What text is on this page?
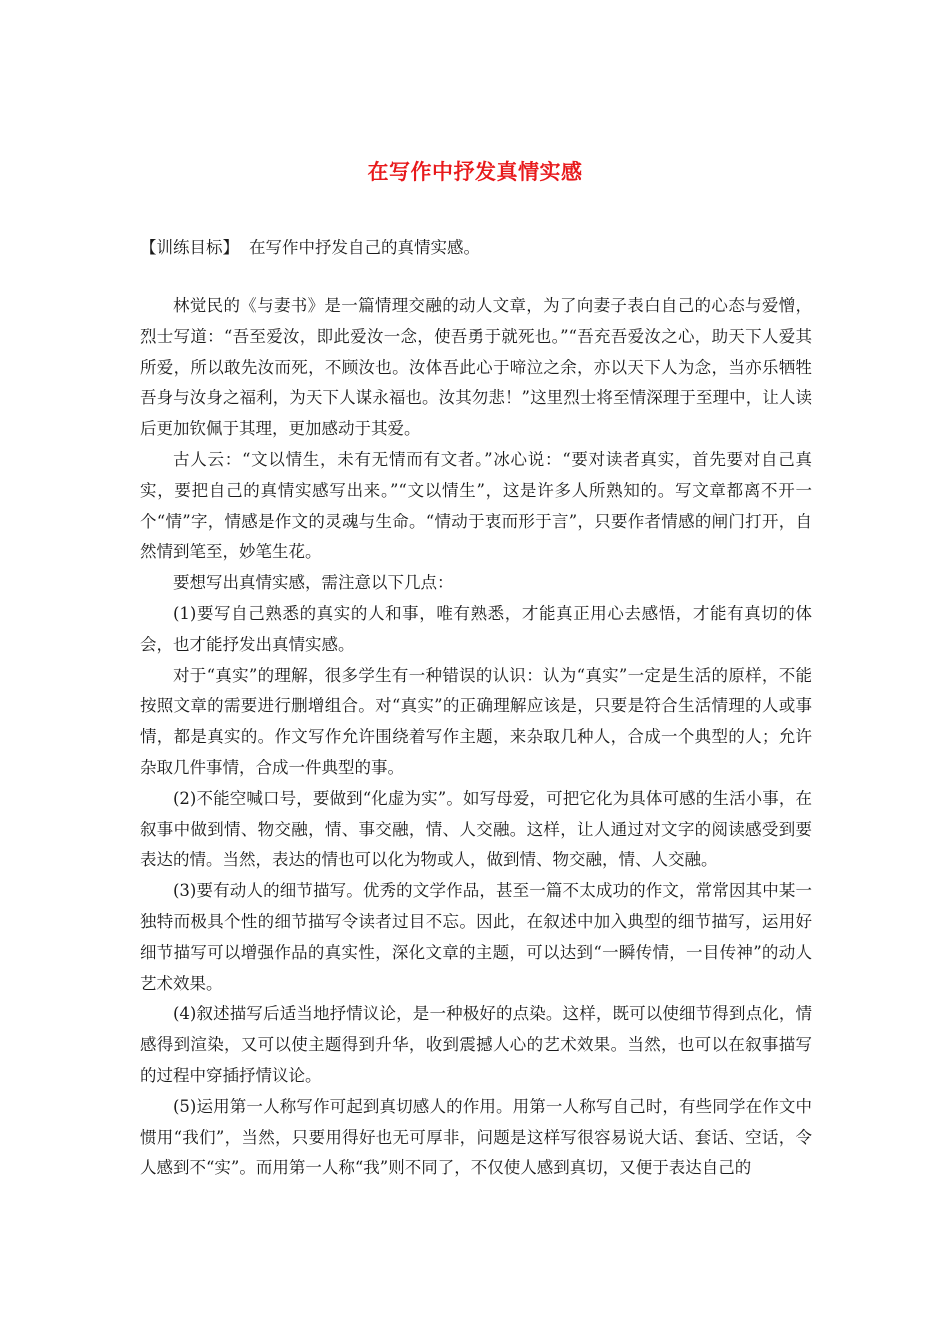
在写作中抒发真情实感
【训练目标】 在写作中抒发自己的真情实感。

林觉民的《与妻书》是一篇情理交融的动人文章，为了向妻子表白自己的心态与爱憎，烈士写道：“吾至爱汝，即此爱汝一念，使吾勇于就死也。”“吾充吾爱汝之心，助天下人爱其所爱，所以敢先汝而死，不顾汝也。汝体吾此心于啼泣之余，亦以天下人为念，当亦乐牺牲吾身与汝身之福利，为天下人谋永福也。汝其勿悲！”这里烈士将至情深理于至理中，让人读后更加钦佩于其理，更加感动于其爱。

古人云：“文以情生，未有无情而有文者。”冰心说：“要对读者真实，首先要对自己真实，要把自己的真情实感写出来。”“文以情生”，这是许多人所熟知的。写文章都离不开一个“情”字，情感是作文的灵魂与生命。“情动于衷而形于言”，只要作者情感的闸门打开，自然情到笔至，妙笔生花。

要想写出真情实感，需注意以下几点：

(1)要写自己熟悉的真实的人和事，唯有熟悉，才能真正用心去感悟，才能有真切的体会，也才能抒发出真情实感。

对于“真实”的理解，很多学生有一种错误的认识：认为“真实”一定是生活的原样，不能按照文章的需要进行删增组合。对“真实”的正确理解应该是，只要是符合生活情理的人或事情，都是真实的。作文写作允许围绕着写作主题，来杂取几种人，合成一个典型的人；允许杂取几件事情，合成一件典型的事。

(2)不能空喊口号，要做到“化虚为实”。如写母爱，可把它化为具体可感的生活小事，在叙事中做到情、物交融，情、事交融，情、人交融。这样，让人通过对文字的阅读感受到要表达的情。当然，表达的情也可以化为物或人，做到情、物交融，情、人交融。

(3)要有动人的细节描写。优秀的文学作品，甚至一篇不太成功的作文，常常因其中某一独特而极具个性的细节描写令读者过目不忘。因此，在叙述中加入典型的细节描写，运用好细节描写可以增强作品的真实性，深化文章的主题，可以达到“一瞬传情，一目传神”的动人艺术效果。

(4)叙述描写后适当地抒情议论，是一种极好的点染。这样，既可以使细节得到点化，情感得到渲染，又可以使主题得到升华，收到震撼人心的艺术效果。当然，也可以在叙事描写的过程中穿插抒情议论。

(5)运用第一人称写作可起到真切感人的作用。用第一人称写自己时，有些同学在作文中惯用“我们”，当然，只要用得好也无可厚非，问题是这样写很容易说大话、套话、空话，令人感到不“实”。而用第一人称“我”则不同了，不仅使人感到真切，又便于表达自己的
